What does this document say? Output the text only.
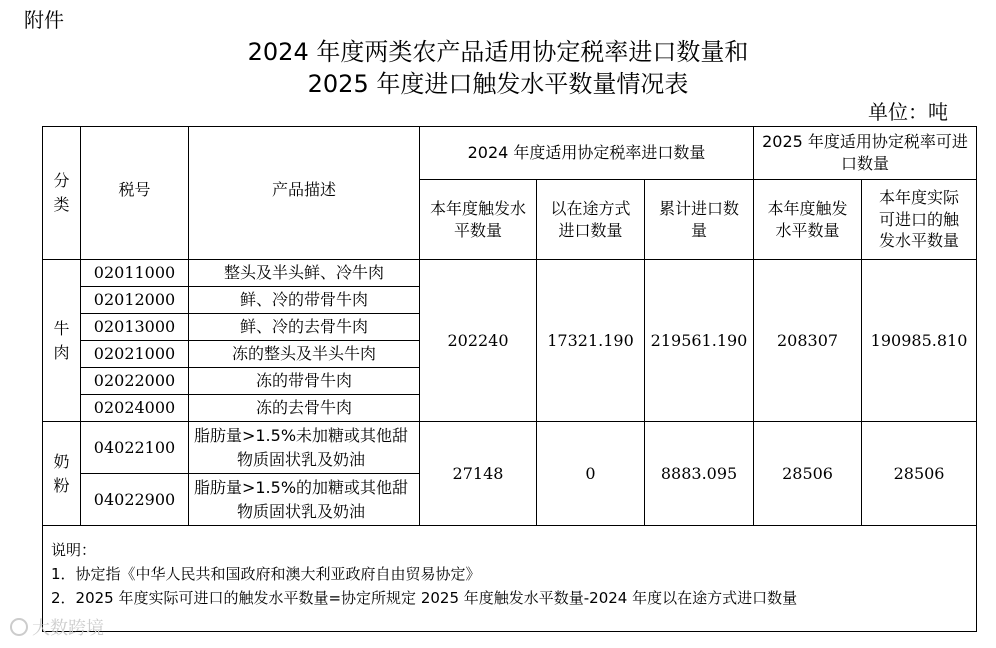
附件
2024 年度两类农产品适用协定税率进口数量和
2025 年度进口触发水平数量情况表
单位：吨
分类	税号	产品描述	2024 年度适用协定税率进口数量			2025 年度适用协定税率可进口数量	
			本年度触发水平数量	以在途方式进口数量	累计进口数量	本年度触发水平数量	本年度实际可进口的触发水平数量

牛肉	02011000	整头及半头鲜、冷牛肉	202240	17321.190	219561.190	208307	190985.810
	02012000	鲜、冷的带骨牛肉					
	02013000	鲜、冷的去骨牛肉					
	02021000	冻的整头及半头牛肉					
	02022000	冻的带骨牛肉					
	02024000	冻的去骨牛肉					

奶粉	04022100	脂肪量>1.5%未加糖或其他甜物质固状乳及奶油	27148	0	8883.095	28506	28506
	04022900	脂肪量>1.5%的加糖或其他甜物质固状乳及奶油					

说明：
1．协定指《中华人民共和国政府和澳大利亚政府自由贸易协定》
2．2025 年度实际可进口的触发水平数量=协定所规定 2025 年度触发水平数量-2024 年度以在途方式进口数量							
大数跨境
